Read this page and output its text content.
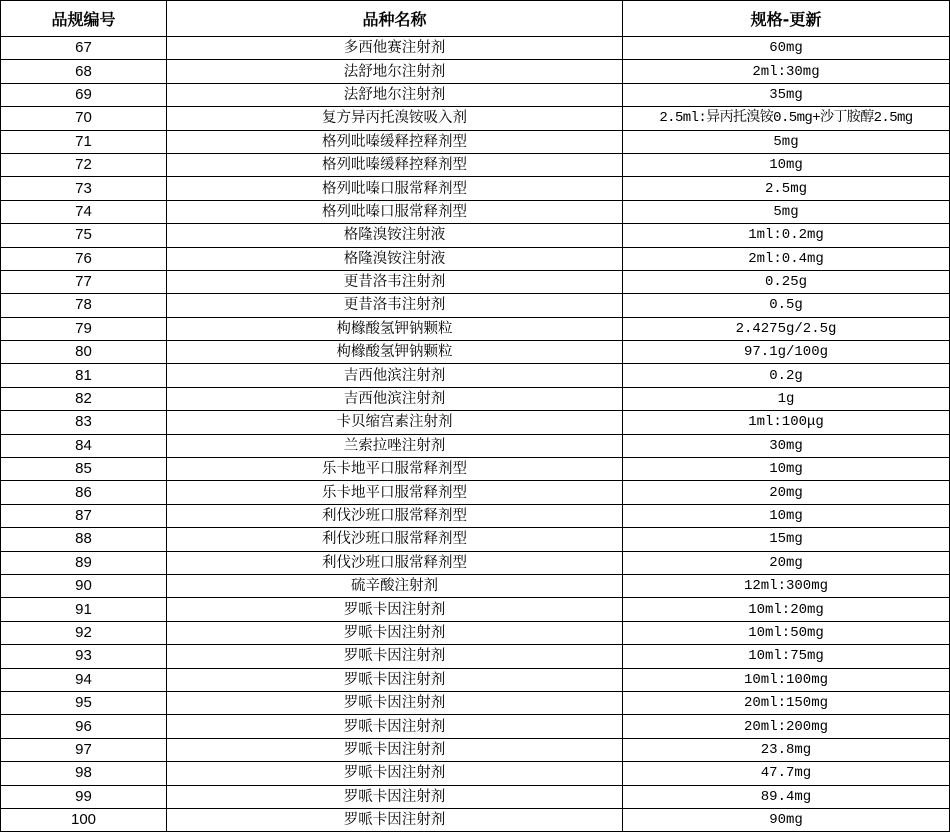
品规编号	品种名称	规格-更新
67	多西他赛注射剂	60mg
68	法舒地尔注射剂	2ml:30mg
69	法舒地尔注射剂	35mg
70	复方异丙托溴铵吸入剂	2.5ml:异丙托溴铵0.5mg+沙丁胺醇2.5mg
71	格列吡嗪缓释控释剂型	5mg
72	格列吡嗪缓释控释剂型	10mg
73	格列吡嗪口服常释剂型	2.5mg
74	格列吡嗪口服常释剂型	5mg
75	格隆溴铵注射液	1ml:0.2mg
76	格隆溴铵注射液	2ml:0.4mg
77	更昔洛韦注射剂	0.25g
78	更昔洛韦注射剂	0.5g
79	枸橼酸氢钾钠颗粒	2.4275g/2.5g
80	枸橼酸氢钾钠颗粒	97.1g/100g
81	吉西他滨注射剂	0.2g
82	吉西他滨注射剂	1g
83	卡贝缩宫素注射剂	1ml:100μg
84	兰索拉唑注射剂	30mg
85	乐卡地平口服常释剂型	10mg
86	乐卡地平口服常释剂型	20mg
87	利伐沙班口服常释剂型	10mg
88	利伐沙班口服常释剂型	15mg
89	利伐沙班口服常释剂型	20mg
90	硫辛酸注射剂	12ml:300mg
91	罗哌卡因注射剂	10ml:20mg
92	罗哌卡因注射剂	10ml:50mg
93	罗哌卡因注射剂	10ml:75mg
94	罗哌卡因注射剂	10ml:100mg
95	罗哌卡因注射剂	20ml:150mg
96	罗哌卡因注射剂	20ml:200mg
97	罗哌卡因注射剂	23.8mg
98	罗哌卡因注射剂	47.7mg
99	罗哌卡因注射剂	89.4mg
100	罗哌卡因注射剂	90mg
